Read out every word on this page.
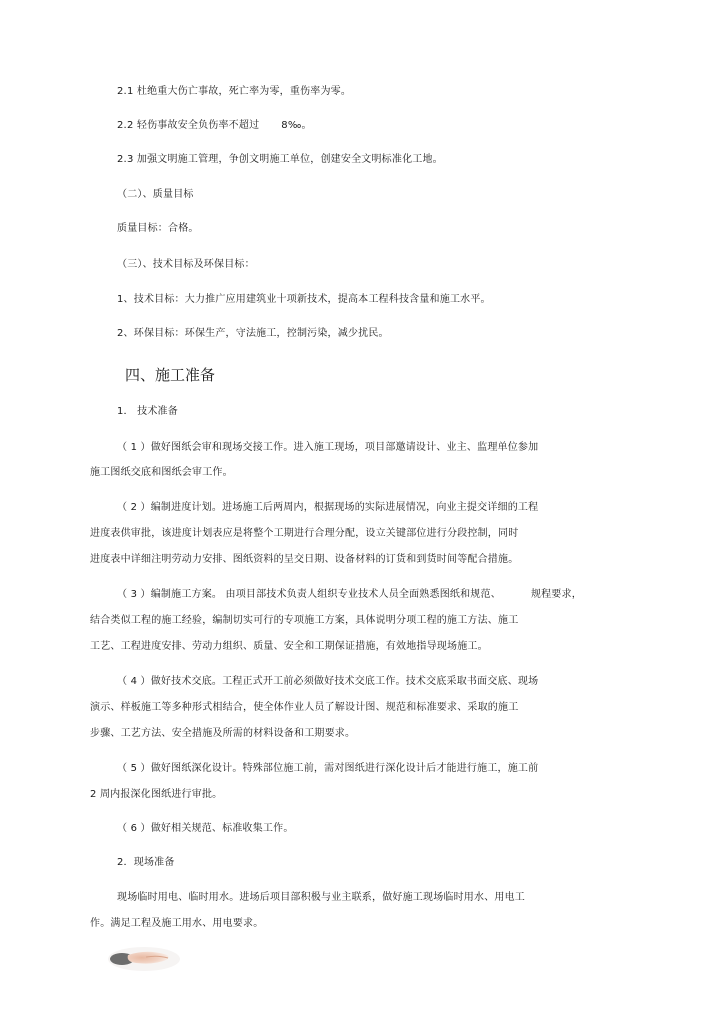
2.1 杜绝重大伤亡事故，死亡率为零，重伤率为零。
2.2 轻伤事故安全负伤率不超过 8‰。
2.3 加强文明施工管理，争创文明施工单位，创建安全文明标准化工地。
（二）、质量目标
质量目标：合格。
（三）、技术目标及环保目标：
1、技术目标：大力推广应用建筑业十项新技术，提高本工程科技含量和施工水平。
2、环保目标：环保生产，守法施工，控制污染，减少扰民。
四、施工准备
1． 技术准备
（ 1 ）做好图纸会审和现场交接工作。进入施工现场，项目部邀请设计、业主、监理单位参加
施工图纸交底和图纸会审工作。
（ 2 ）编制进度计划。进场施工后两周内，根据现场的实际进展情况，向业主提交详细的工程
进度表供审批，该进度计划表应是将整个工期进行合理分配，设立关键部位进行分段控制，同时
进度表中详细注明劳动力安排、图纸资料的呈交日期、设备材料的订货和到货时间等配合措施。
（ 3 ）编制施工方案。 由项目部技术负责人组织专业技术人员全面熟悉图纸和规范、	规程要求，
结合类似工程的施工经验，编制切实可行的专项施工方案，具体说明分项工程的施工方法、施工
工艺、工程进度安排、劳动力组织、质量、安全和工期保证措施，有效地指导现场施工。
（ 4 ）做好技术交底。工程正式开工前必须做好技术交底工作。技术交底采取书面交底、现场
演示、样板施工等多种形式相结合，使全体作业人员了解设计图、规范和标准要求、采取的施工
步骤、工艺方法、安全措施及所需的材料设备和工期要求。
（ 5 ）做好图纸深化设计。特殊部位施工前，需对图纸进行深化设计后才能进行施工，施工前
2 周内报深化图纸进行审批。
（ 6 ）做好相关规范、标准收集工作。
2．现场准备
现场临时用电、临时用水。进场后项目部积极与业主联系，做好施工现场临时用水、用电工
作。满足工程及施工用水、用电要求。
